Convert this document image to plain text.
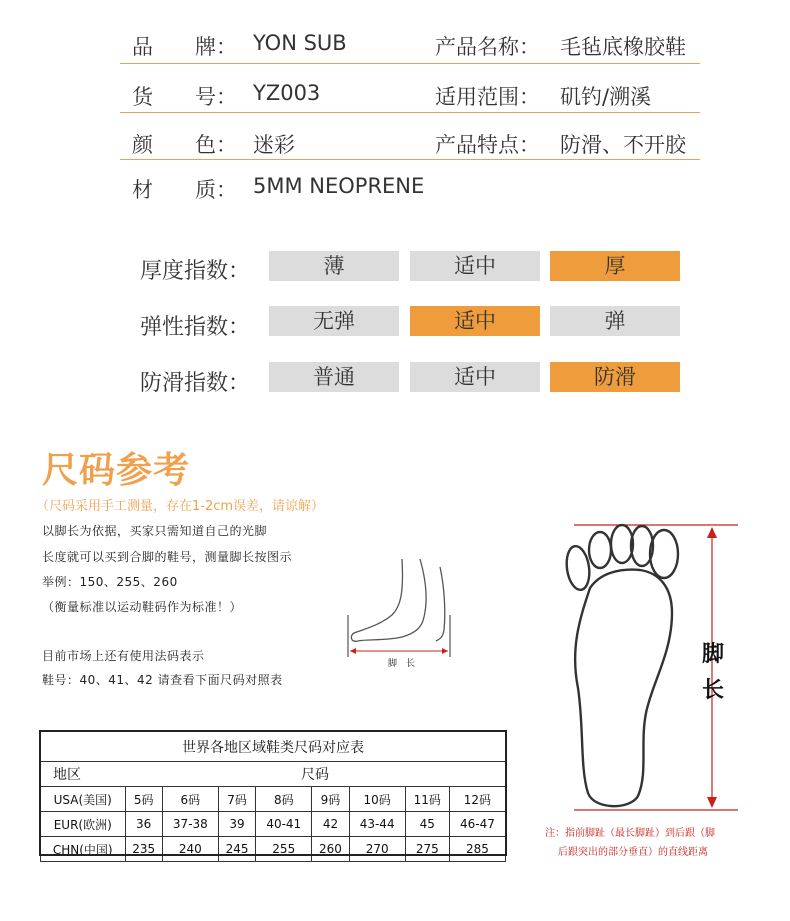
品　　牌： YON SUB	产品名称： 毛毡底橡胶鞋
货　　号： YZ003	适用范围： 矶钓/溯溪
颜　　色： 迷彩	产品特点： 防滑、不开胶
材　　质： 5MM NEOPRENE
厚度指数：	薄	适中	厚
弹性指数：	无弹	适中	弹
防滑指数：	普通	适中	防滑
尺码参考
（尺码采用手工测量，存在1-2cm误差，请谅解）
以脚长为依据，买家只需知道自己的光脚
长度就可以买到合脚的鞋号，测量脚长按图示
举例：150、255、260
（衡量标准以运动鞋码作为标准！）
目前市场上还有使用法码表示
鞋号：40、41、42 请查看下面尺码对照表
脚　长	脚
长
注：指前脚趾（最长脚趾）到后跟（脚
后跟突出的部分垂直）的直线距离
世界各地区域鞋类尺码对应表								
地区	尺码							
USA(美国)	5码	6码	7码	8码	9码	10码	11码	12码
EUR(欧洲)	36	37-38	39	40-41	42	43-44	45	46-47
CHN(中国)	235	240	245	255	260	270	275	285
